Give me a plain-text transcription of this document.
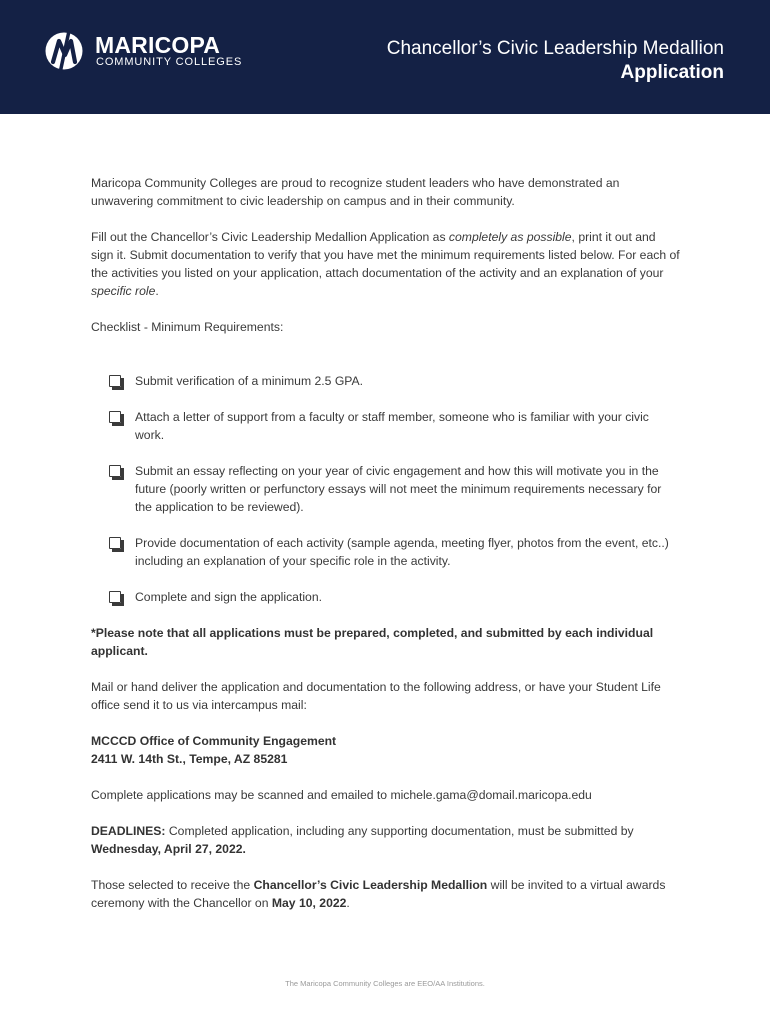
MARICOPA
COMMUNITY COLLEGES
Chancellor’s Civic Leadership Medallion
Application

Maricopa Community Colleges are proud to recognize student leaders who have demonstrated an unwavering commitment to civic leadership on campus and in their community.

Fill out the Chancellor’s Civic Leadership Medallion Application as completely as possible, print it out and sign it. Submit documentation to verify that you have met the minimum requirements listed below. For each of the activities you listed on your application, attach documentation of the activity and an explanation of your specific role.

Checklist - Minimum Requirements:

Submit verification of a minimum 2.5 GPA.
Attach a letter of support from a faculty or staff member, someone who is familiar with your civic work.
Submit an essay reflecting on your year of civic engagement and how this will motivate you in the future (poorly written or perfunctory essays will not meet the minimum requirements necessary for the application to be reviewed).
Provide documentation of each activity (sample agenda, meeting flyer, photos from the event, etc..) including an explanation of your specific role in the activity.
Complete and sign the application.

*Please note that all applications must be prepared, completed, and submitted by each individual applicant.

Mail or hand deliver the application and documentation to the following address, or have your Student Life office send it to us via intercampus mail:

MCCCD Office of Community Engagement
2411 W. 14th St., Tempe, AZ 85281

Complete applications may be scanned and emailed to michele.gama@domail.maricopa.edu

DEADLINES: Completed application, including any supporting documentation, must be submitted by Wednesday, April 27, 2022.

Those selected to receive the Chancellor’s Civic Leadership Medallion will be invited to a virtual awards ceremony with the Chancellor on May 10, 2022.

The Maricopa Community Colleges are EEO/AA Institutions.
